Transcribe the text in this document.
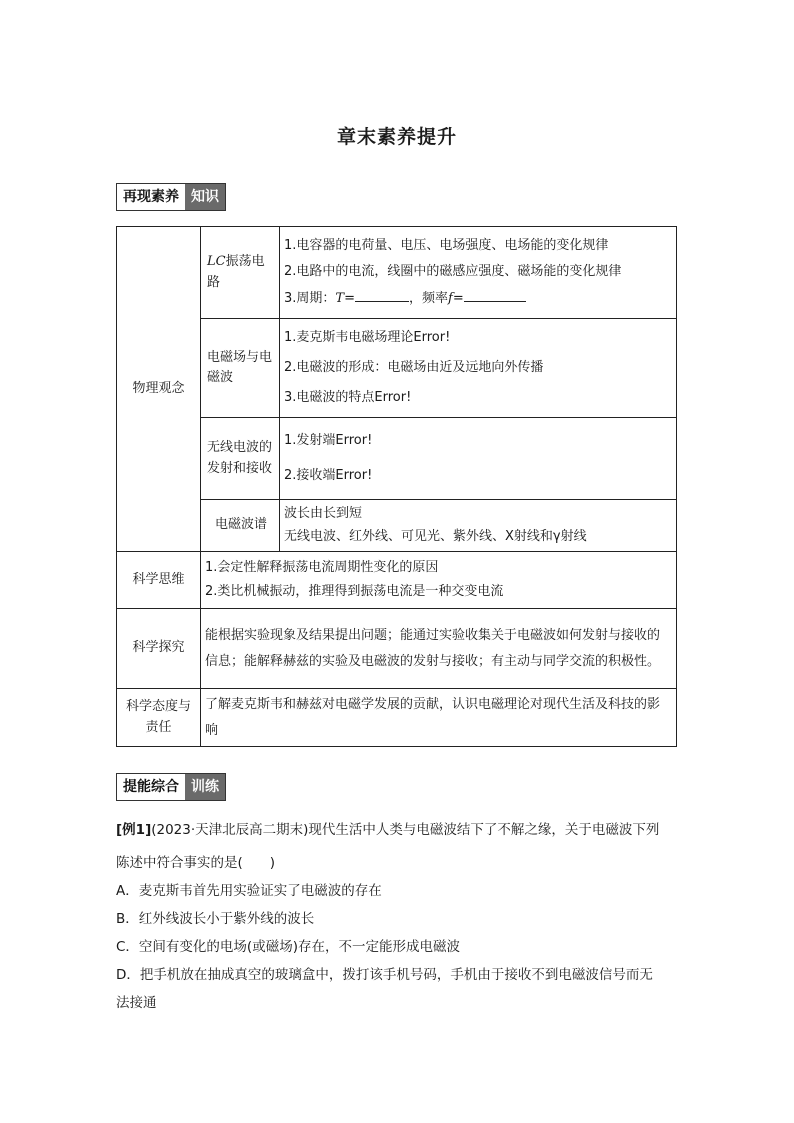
章末素养提升
再现素养 知识
物理观念	LC振荡电路	1.电容器的电荷量、电压、电场强度、电场能的变化规律

2.电路中的电流，线圈中的磁感应强度、磁场能的变化规律

3.周期：T= ，频率f=

	电磁场与电磁波	1.麦克斯韦电磁场理论Error!

2.电磁波的形成：电磁场由近及远地向外传播

3.电磁波的特点Error!

	无线电波的发射和接收	1.发射端Error!

2.接收端Error!

	电磁波谱	波长由长到短

无线电波、红外线、可见光、紫外线、X射线和γ射线

科学思维	1.会定性解释振荡电流周期性变化的原因

2.类比机械振动，推理得到振荡电流是一种交变电流	

科学探究	能根据实验现象及结果提出问题；能通过实验收集关于电磁波如何发射与接收的信息；能解释赫兹的实验及电磁波的发射与接收；有主动与同学交流的积极性。	
科学态度与责任	了解麦克斯韦和赫兹对电磁学发展的贡献，认识电磁理论对现代生活及科技的影响	
提能综合 训练

[例1](2023·天津北辰高二期末)现代生活中人类与电磁波结下了不解之缘，关于电磁波下列

陈述中符合事实的是(　　)

A．麦克斯韦首先用实验证实了电磁波的存在

B．红外线波长小于紫外线的波长

C．空间有变化的电场(或磁场)存在，不一定能形成电磁波

D．把手机放在抽成真空的玻璃盒中，拨打该手机号码，手机由于接收不到电磁波信号而无

法接通
